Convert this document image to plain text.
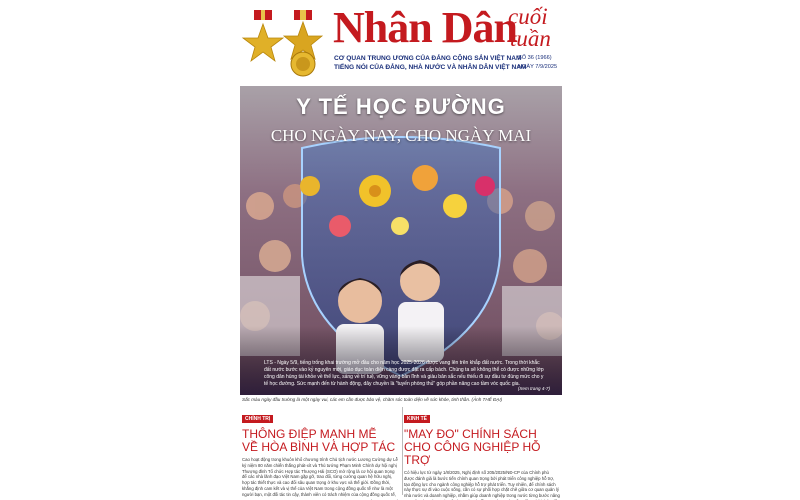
Nhân Dân
cuối
tuần
CƠ QUAN TRUNG ƯƠNG CỦA ĐẢNG CỘNG SẢN VIỆT NAM
TIẾNG NÓI CỦA ĐẢNG, NHÀ NƯỚC VÀ NHÂN DÂN VIỆT NAM
SỐ 36 (1966)
NGÀY 7/9/2025
Y TẾ HỌC ĐƯỜNG
CHO NGÀY NAY, CHO NGÀY MAI
LTS - Ngày 5/9, tiếng trống khai trường mở đầu cho năm học 2025-2026 được vang lên trên khắp đất nước. Trong thời khắc đất nước bước vào kỷ nguyên mới, giáo dục toàn diện càng được đặt ra cấp bách. Chúng ta sẽ không thể có được những lớp công dân hùng tài khỏe về thể lực, sáng về trí tuệ, vững vàng bản lĩnh và giàu bản sắc nếu thiếu đi sự đầu tư đúng mức cho y tế học đường. Sức mạnh đến từ hành động, dây chuyền là "tuyến phòng thủ" góp phần nâng cao tầm vóc quốc gia.
(Xem trang 4-7)
Sắc màu ngày đầu trường là một ngày vui, các em cần được bảo vệ, chăm sóc toàn diện về sức khỏe, tinh thần. (Ảnh THẾ ĐẠI)
CHÍNH TRỊ
THÔNG ĐIỆP MẠNH MẼ
VỀ HÒA BÌNH VÀ HỢP TÁC
Cao hoạt động trong khuôn khổ chương trình Chủ tịch nước Lương Cường dự Lễ kỷ niệm 80 năm chiến thắng phát-xít và Thủ tướng Phạm Minh Chính dự hội nghị Thượng đỉnh Tổ chức Hợp tác Thượng Hải (SCO) mở rộng là cơ hội quan trọng để các nhà lãnh đạo Việt Nam gặp gỡ, trao đổi, từng cường quan hệ hữu nghị, hợp tác thiết thực và cao đổi sâu quan trọng ở khu vực và thế giới. Đồng thời, khẳng định cam kết và vị thế của Việt Nam trong cộng đồng quốc tế như là một người bạn, một đối tác tin cậy, thành viên có trách nhiệm của cộng đồng quốc tế,
KINH TẾ
"MAY ĐO" CHÍNH SÁCH
CHO CÔNG NGHIỆP HỖ TRỢ
Có hiệu lực từ ngày 1/8/2025, Nghị định số 205/2025/NĐ-CP của Chính phủ được đánh giá là bước tiến chính quan trọng bởi phát triển công nghiệp hỗ trợ, tạo động lực cho ngành công nghiệp hỗ trợ phát triển. Tuy nhiên, để chính sách này thực sự đi vào cuộc sống, cần có sự phối hợp chặt chẽ giữa cơ quan quản lý nhà nước và doanh nghiệp, nhằm giúp doanh nghiệp trong nước từng bước nâng
